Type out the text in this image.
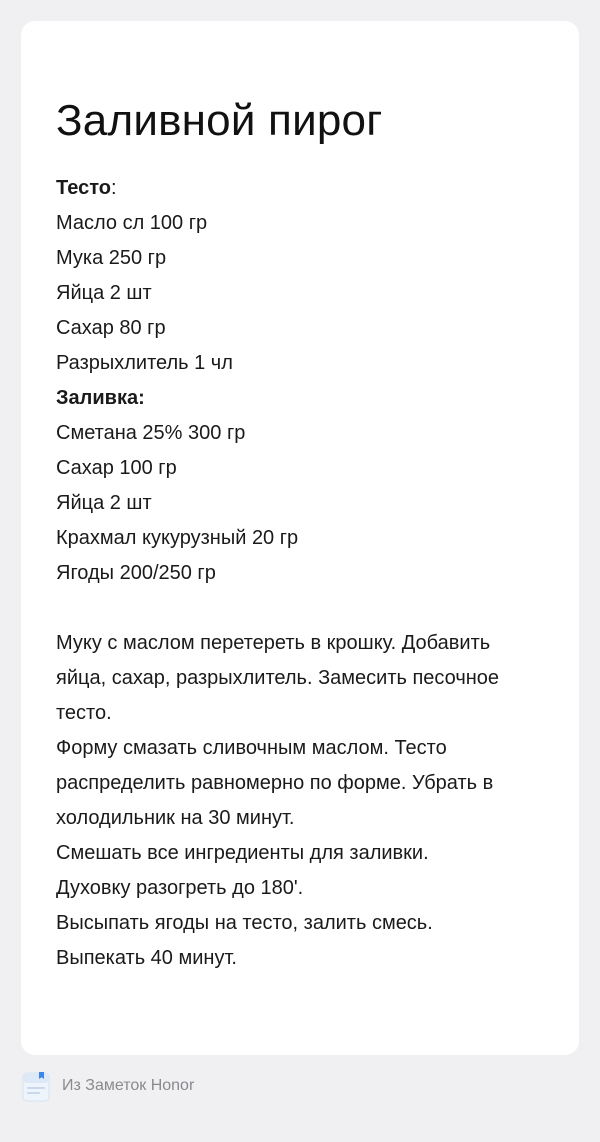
Заливной пирог
Тесто:
Масло сл 100 гр
Мука 250 гр
Яйца 2 шт
Сахар 80 гр
Разрыхлитель 1 чл
Заливка:
Сметана 25% 300 гр
Сахар 100 гр
Яйца 2 шт
Крахмал кукурузный 20 гр
Ягоды 200/250 гр
Муку с маслом перетереть в крошку. Добавить
яйца, сахар, разрыхлитель. Замесить песочное
тесто.
Форму смазать сливочным маслом. Тесто
распределить равномерно по форме. Убрать в
холодильник на 30 минут.
Смешать все ингредиенты для заливки.
Духовку разогреть до 180'.
Высыпать ягоды на тесто, залить смесь.
Выпекать 40 минут.
Из Заметок Honor
